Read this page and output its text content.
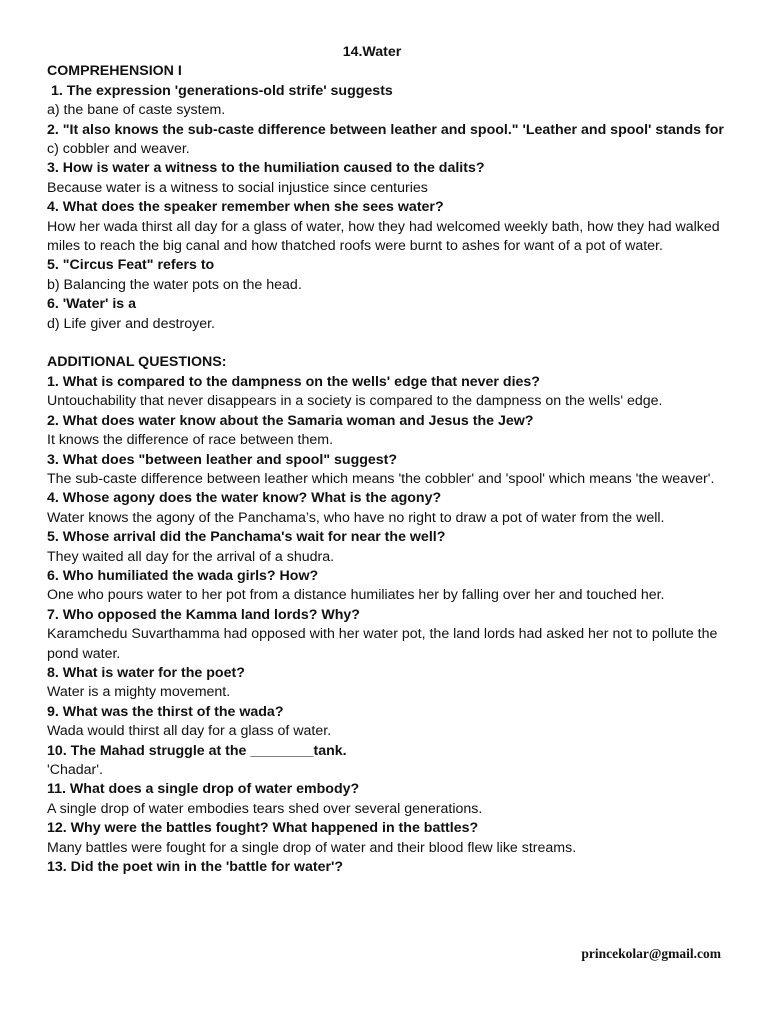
14.Water
COMPREHENSION I
1. The expression 'generations-old strife' suggests
a) the bane of caste system.
2. "It also knows the sub-caste difference between leather and spool." 'Leather and spool' stands for
c) cobbler and weaver.
3. How is water a witness to the humiliation caused to the dalits?
Because water is a witness to social injustice since centuries
4. What does the speaker remember when she sees water?
How her wada thirst all day for a glass of water, how they had welcomed weekly bath, how they had walked miles to reach the big canal and how thatched roofs were burnt to ashes for want of a pot of water.
5. "Circus Feat" refers to
b) Balancing the water pots on the head.
6. 'Water' is a
d) Life giver and destroyer.
ADDITIONAL QUESTIONS:
1. What is compared to the dampness on the wells' edge that never dies?
Untouchability that never disappears in a society is compared to the dampness on the wells' edge.
2. What does water know about the Samaria woman and Jesus the Jew?
It knows the difference of race between them.
3. What does "between leather and spool" suggest?
The sub-caste difference between leather which means 'the cobbler' and 'spool' which means 'the weaver'.
4. Whose agony does the water know? What is the agony?
Water knows the agony of the Panchama’s, who have no right to draw a pot of water from the well.
5. Whose arrival did the Panchama's wait for near the well?
They waited all day for the arrival of a shudra.
6. Who humiliated the wada girls? How?
One who pours water to her pot from a distance humiliates her by falling over her and touched her.
7. Who opposed the Kamma land lords? Why?
Karamchedu Suvarthamma had opposed with her water pot, the land lords had asked her not to pollute the pond water.
8. What is water for the poet?
Water is a mighty movement.
9. What was the thirst of the wada?
Wada would thirst all day for a glass of water.
10. The Mahad struggle at the ________tank.
'Chadar'.
11. What does a single drop of water embody?
A single drop of water embodies tears shed over several generations.
12. Why were the battles fought? What happened in the battles?
Many battles were fought for a single drop of water and their blood flew like streams.
13. Did the poet win in the 'battle for water'?
princekolar@gmail.com
